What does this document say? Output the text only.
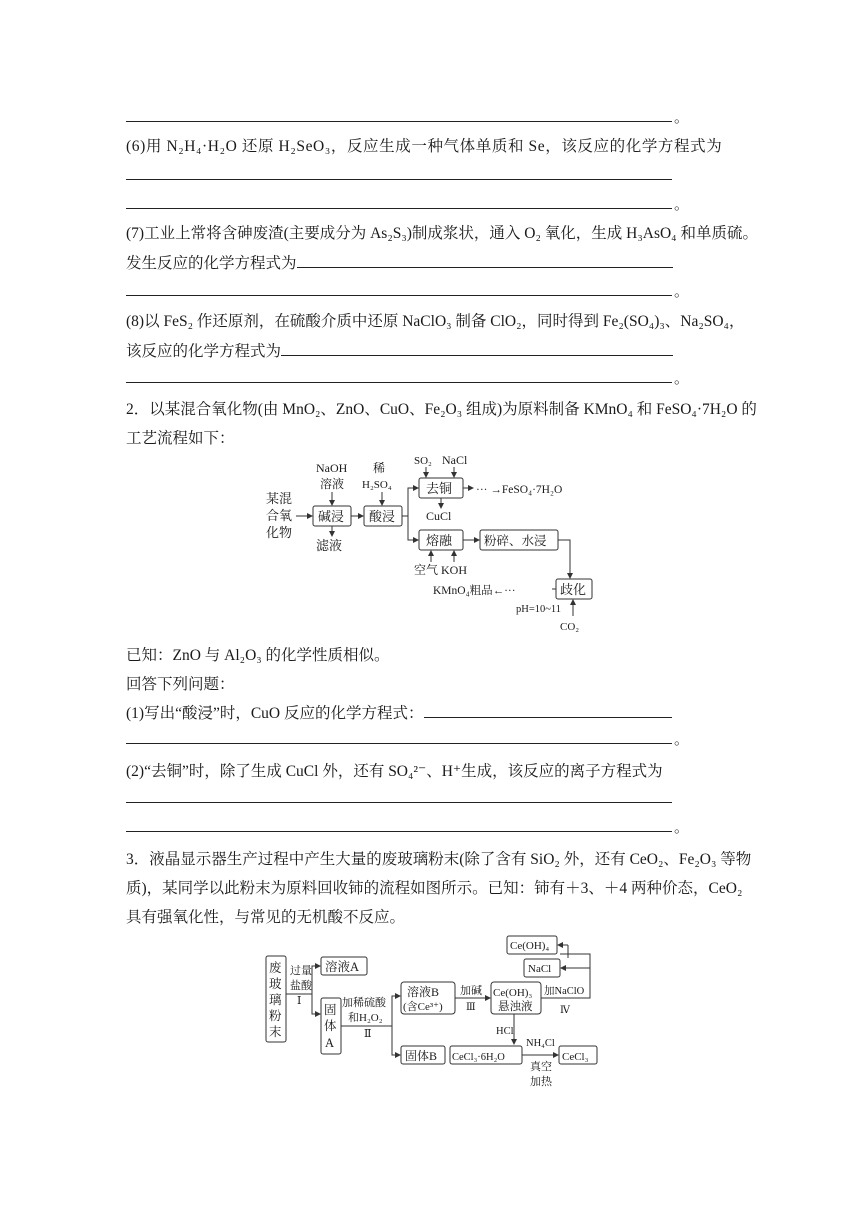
。
(6)用 N₂H₄·H₂O 还原 H₂SeO₃，反应生成一种气体单质和 Se，该反应的化学方程式为
。
(7)工业上常将含砷废渣(主要成分为 As₂S₃)制成浆状，通入 O₂ 氧化，生成 H₃AsO₄ 和单质硫。
发生反应的化学方程式为
。
(8)以 FeS₂ 作还原剂，在硫酸介质中还原 NaClO₃ 制备 ClO₂，同时得到 Fe₂(SO₄)₃、Na₂SO₄，
该反应的化学方程式为
。
2．以某混合氧化物(由 MnO₂、ZnO、CuO、Fe₂O₃ 组成)为原料制备 KMnO₄ 和 FeSO₄·7H₂O 的
工艺流程如下：
某混
合氧
化物
NaOH
溶液
碱浸
滤液
稀
H₂SO₄
酸浸
SO₂ NaCl
去铜 ··· →FeSO₄·7H₂O
CuCl
熔融
空气 KOH
粉碎、水浸
歧化
KMnO₄粗品←···
pH=10~11
CO₂
已知：ZnO 与 Al₂O₃ 的化学性质相似。
回答下列问题：
(1)写出“酸浸”时，CuO 反应的化学方程式：
。
(2)“去铜”时，除了生成 CuCl 外，还有 SO₄²⁻、H⁺生成，该反应的离子方程式为
。
3．液晶显示器生产过程中产生大量的废玻璃粉末(除了含有 SiO₂ 外，还有 CeO₂、Fe₂O₃ 等物
质)，某同学以此粉末为原料回收铈的流程如图所示。已知：铈有＋3、＋4 两种价态，CeO₂
具有强氧化性，与常见的无机酸不反应。
废
玻
璃
粉
末
过量
盐酸
Ⅰ
溶液A
固
体
A
加稀硫酸
和H₂O₂
Ⅱ
溶液B
(含Ce³⁺)
固体B
加碱
Ⅲ
Ce(OH)₃
悬浊液
Ce(OH)₄
NaCl
加NaClO
Ⅳ
HCl
CeCl₃·6H₂O
NH₄Cl
真空
加热
CeCl₃
